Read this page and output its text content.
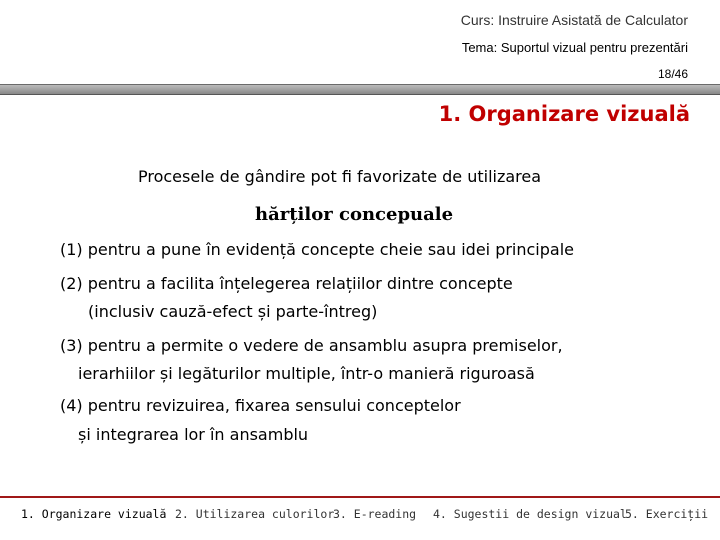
Curs: Instruire Asistată de Calculator
Tema: Suportul vizual pentru prezentări
18/46
1. Organizare vizuală
Procesele de gândire pot fi favorizate de utilizarea
hărților concepuale
(1) pentru a pune în evidență concepte cheie sau idei principale
(2) pentru a facilita înțelegerea relațiilor dintre concepte
(inclusiv cauză-efect și parte-întreg)
(3) pentru a permite o vedere de ansamblu asupra premiselor,
ierarhiilor și legăturilor multiple, într-o manieră riguroasă
(4) pentru revizuirea, fixarea sensului conceptelor
și integrarea lor în ansamblu
1. Organizare vizuală 2. Utilizarea culorilor
3. E-reading 4. Sugestii de design vizual
5. Exerciții
